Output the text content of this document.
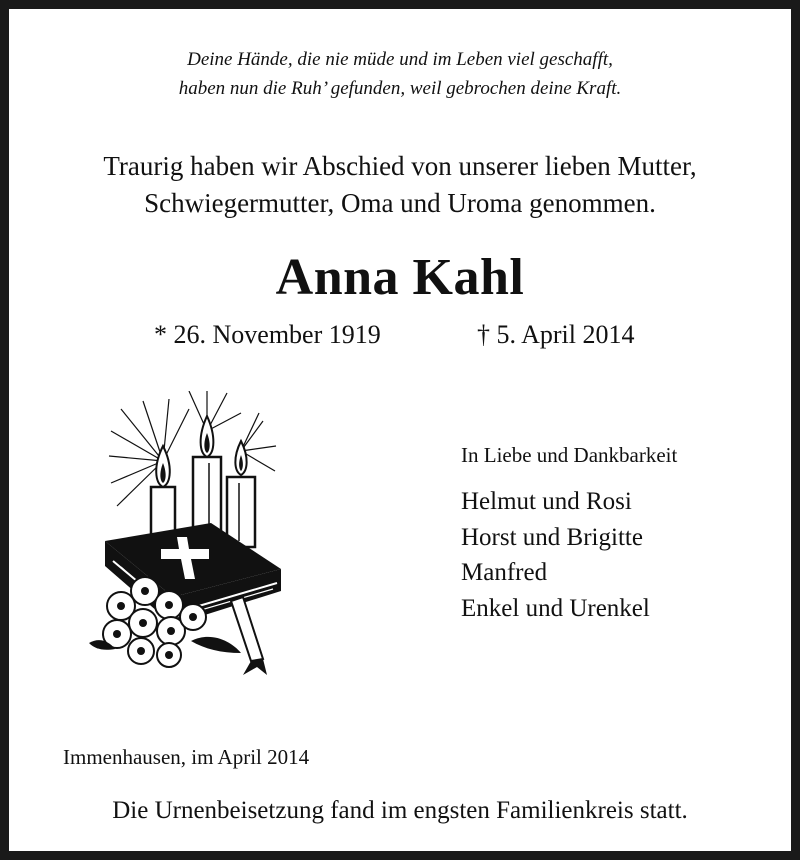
Deine Hände, die nie müde und im Leben viel geschafft,
haben nun die Ruh’ gefunden, weil gebrochen deine Kraft.
Traurig haben wir Abschied von unserer lieben Mutter,
Schwiegermutter, Oma und Uroma genommen.
Anna Kahl
* 26. November 1919	† 5. April 2014
In Liebe und Dankbarkeit
Helmut und Rosi
Horst und Brigitte
Manfred
Enkel und Urenkel
Immenhausen, im April 2014
Die Urnenbeisetzung fand im engsten Familienkreis statt.
